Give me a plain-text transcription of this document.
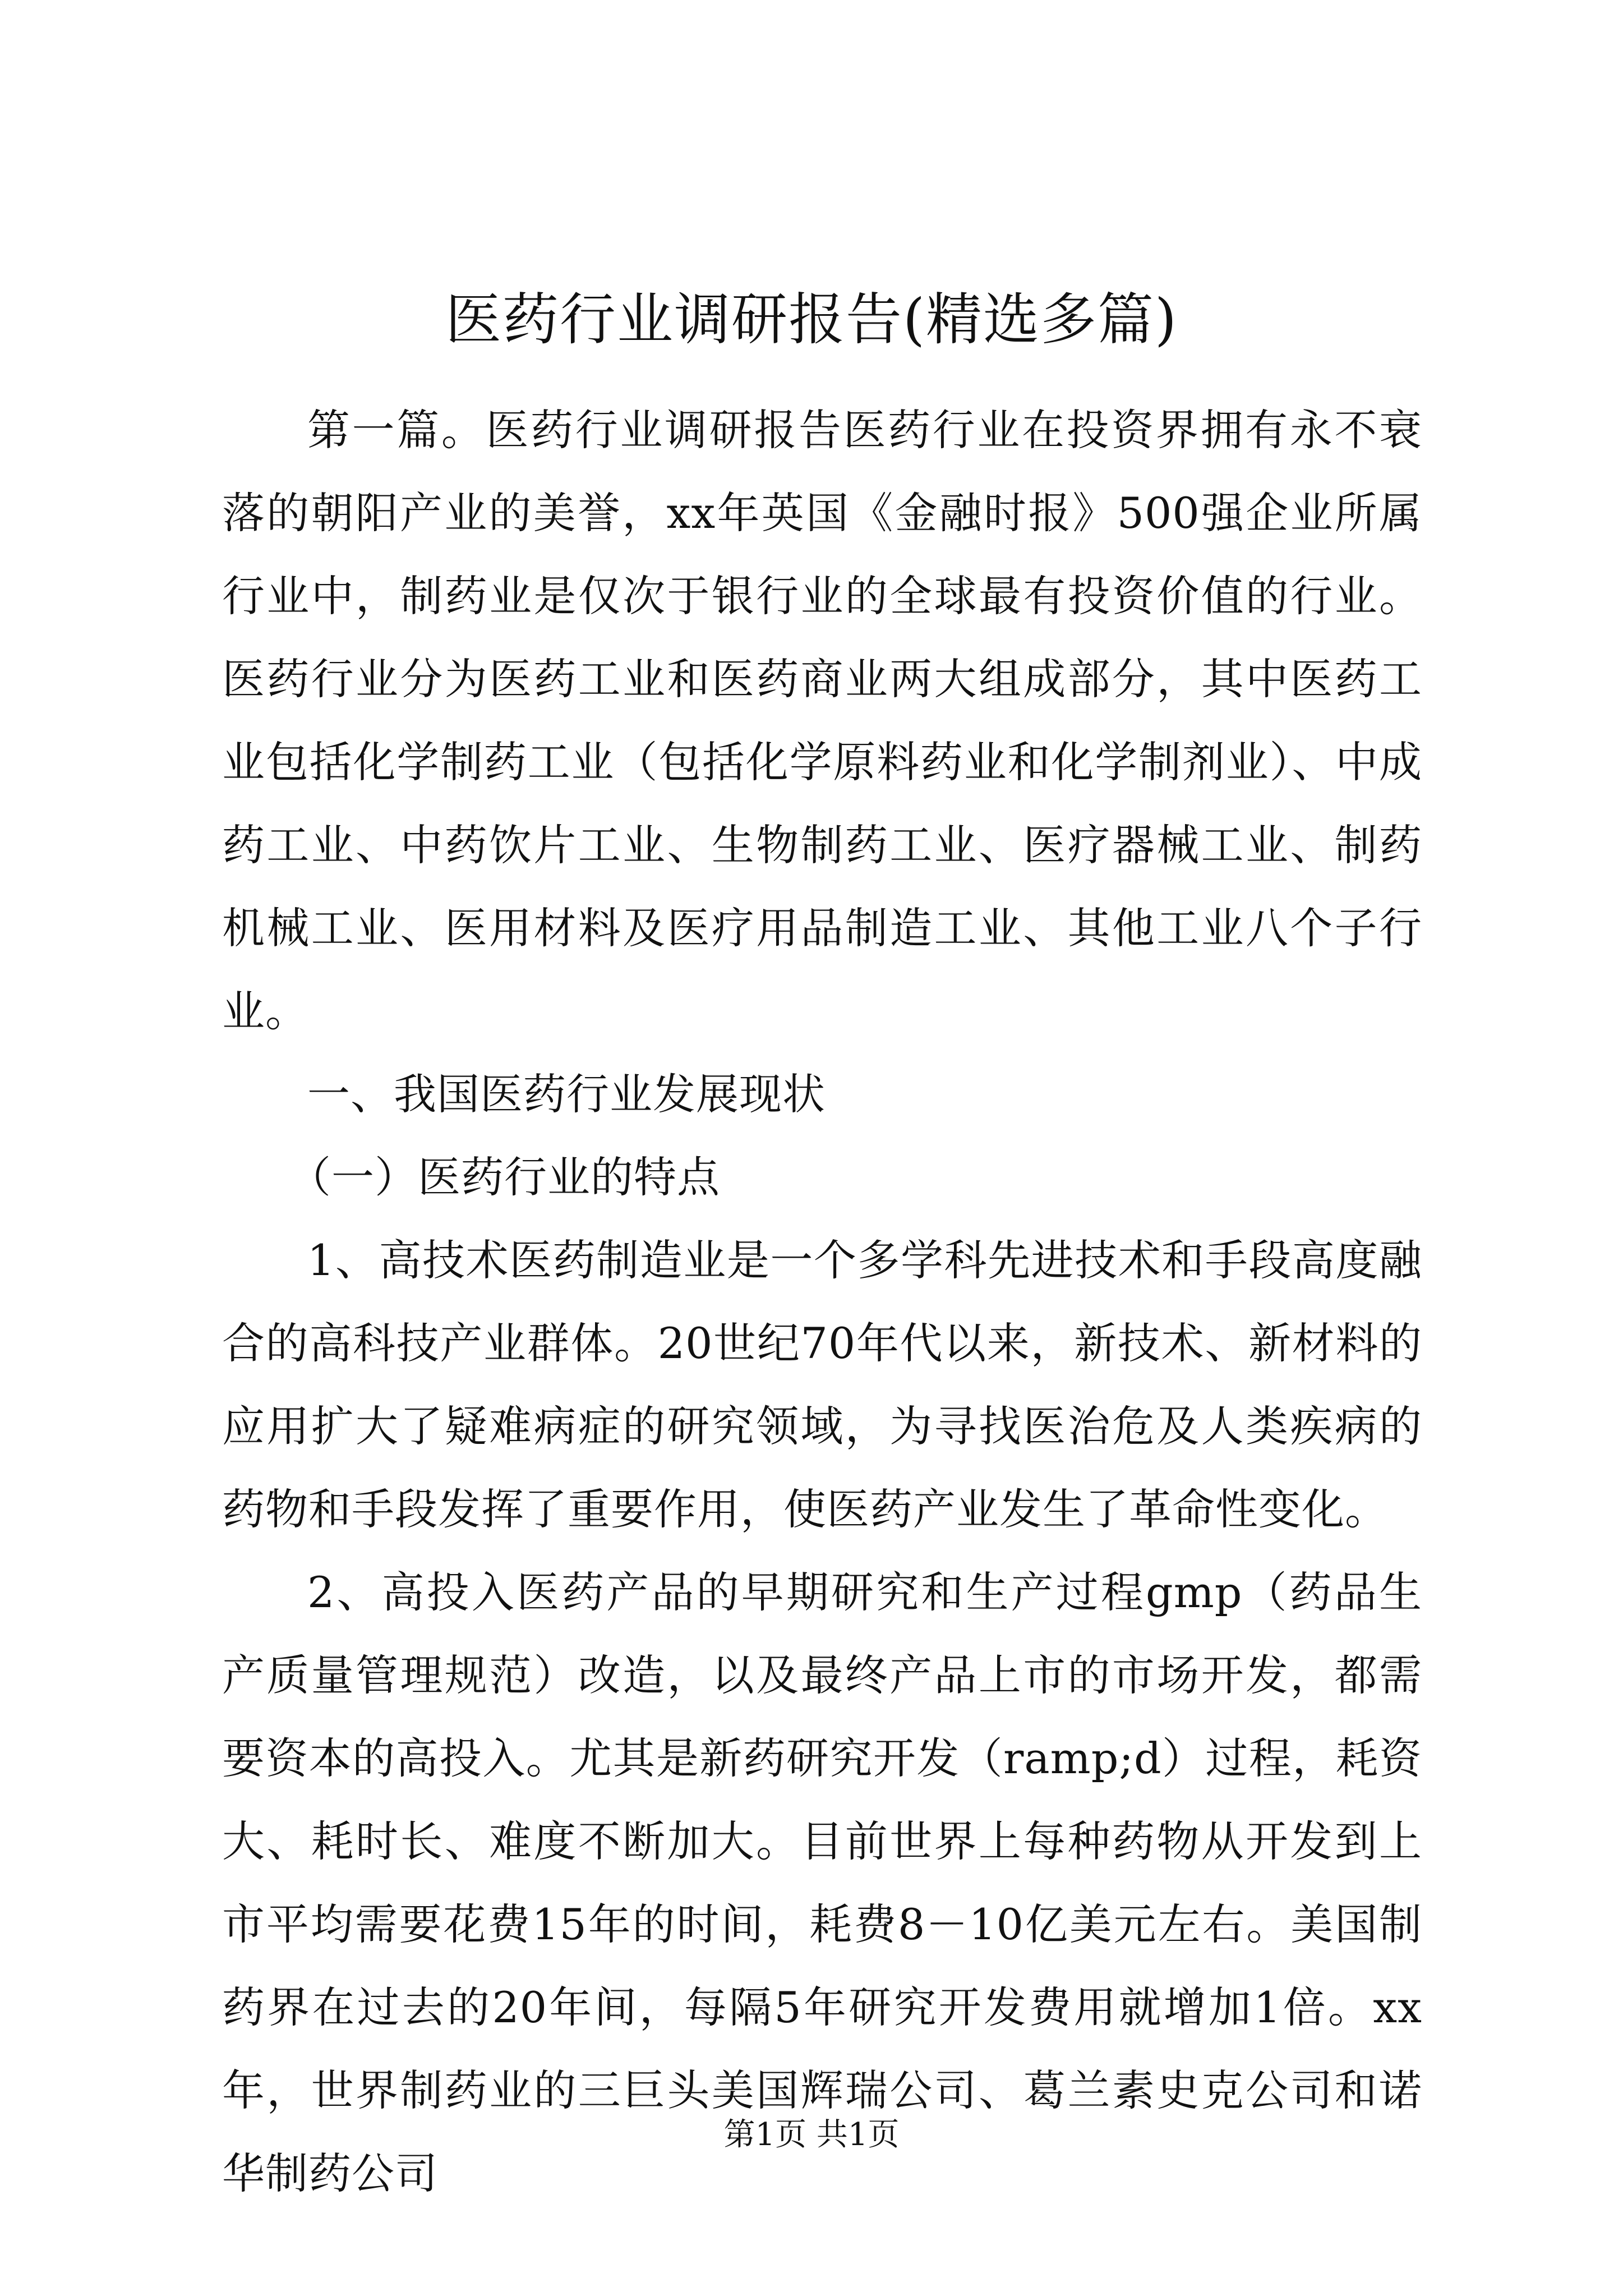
医药行业调研报告(精选多篇)

第一篇。医药行业调研报告医药行业在投资界拥有永不衰落的朝阳产业的美誉，xx年英国《金融时报》500强企业所属行业中，制药业是仅次于银行业的全球最有投资价值的行业。医药行业分为医药工业和医药商业两大组成部分，其中医药工业包括化学制药工业（包括化学原料药业和化学制剂业）、中成药工业、中药饮片工业、生物制药工业、医疗器械工业、制药机械工业、医用材料及医疗用品制造工业、其他工业八个子行业。

一、我国医药行业发展现状

（一）医药行业的特点

1、高技术医药制造业是一个多学科先进技术和手段高度融合的高科技产业群体。20世纪70年代以来，新技术、新材料的应用扩大了疑难病症的研究领域，为寻找医治危及人类疾病的药物和手段发挥了重要作用，使医药产业发生了革命性变化。

2、高投入医药产品的早期研究和生产过程gmp（药品生产质量管理规范）改造，以及最终产品上市的市场开发，都需要资本的高投入。尤其是新药研究开发（ramp;d）过程，耗资大、耗时长、难度不断加大。目前世界上每种药物从开发到上市平均需要花费15年的时间，耗费8－10亿美元左右。美国制药界在过去的20年间，每隔5年研究开发费用就增加1倍。xx年，世界制药业的三巨头美国辉瑞公司、葛兰素史克公司和诺华制药公司

第1页 共1页
